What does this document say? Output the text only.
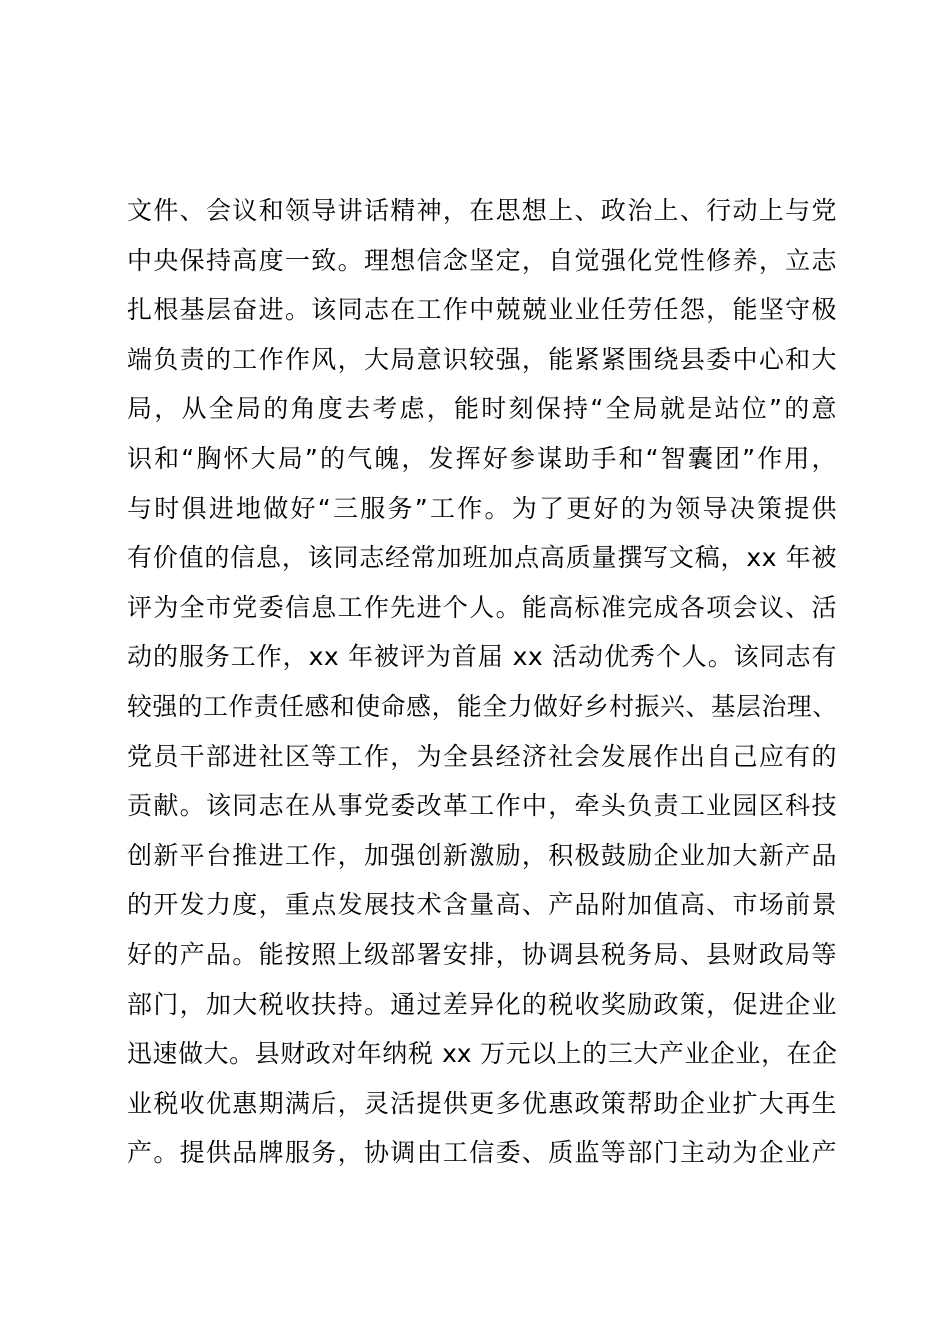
文件、会议和领导讲话精神，在思想上、政治上、行动上与党
中央保持高度一致。理想信念坚定，自觉强化党性修养，立志
扎根基层奋进。该同志在工作中兢兢业业任劳任怨，能坚守极
端负责的工作作风，大局意识较强，能紧紧围绕县委中心和大
局，从全局的角度去考虑，能时刻保持“全局就是站位”的意
识和“胸怀大局”的气魄，发挥好参谋助手和“智囊团”作用，
与时俱进地做好“三服务”工作。为了更好的为领导决策提供
有价值的信息，该同志经常加班加点高质量撰写文稿，xx 年被
评为全市党委信息工作先进个人。能高标准完成各项会议、活
动的服务工作，xx 年被评为首届 xx 活动优秀个人。该同志有
较强的工作责任感和使命感，能全力做好乡村振兴、基层治理、
党员干部进社区等工作，为全县经济社会发展作出自己应有的
贡献。该同志在从事党委改革工作中，牵头负责工业园区科技
创新平台推进工作，加强创新激励，积极鼓励企业加大新产品
的开发力度，重点发展技术含量高、产品附加值高、市场前景
好的产品。能按照上级部署安排，协调县税务局、县财政局等
部门，加大税收扶持。通过差异化的税收奖励政策，促进企业
迅速做大。县财政对年纳税 xx 万元以上的三大产业企业，在企
业税收优惠期满后，灵活提供更多优惠政策帮助企业扩大再生
产。提供品牌服务，协调由工信委、质监等部门主动为企业产
